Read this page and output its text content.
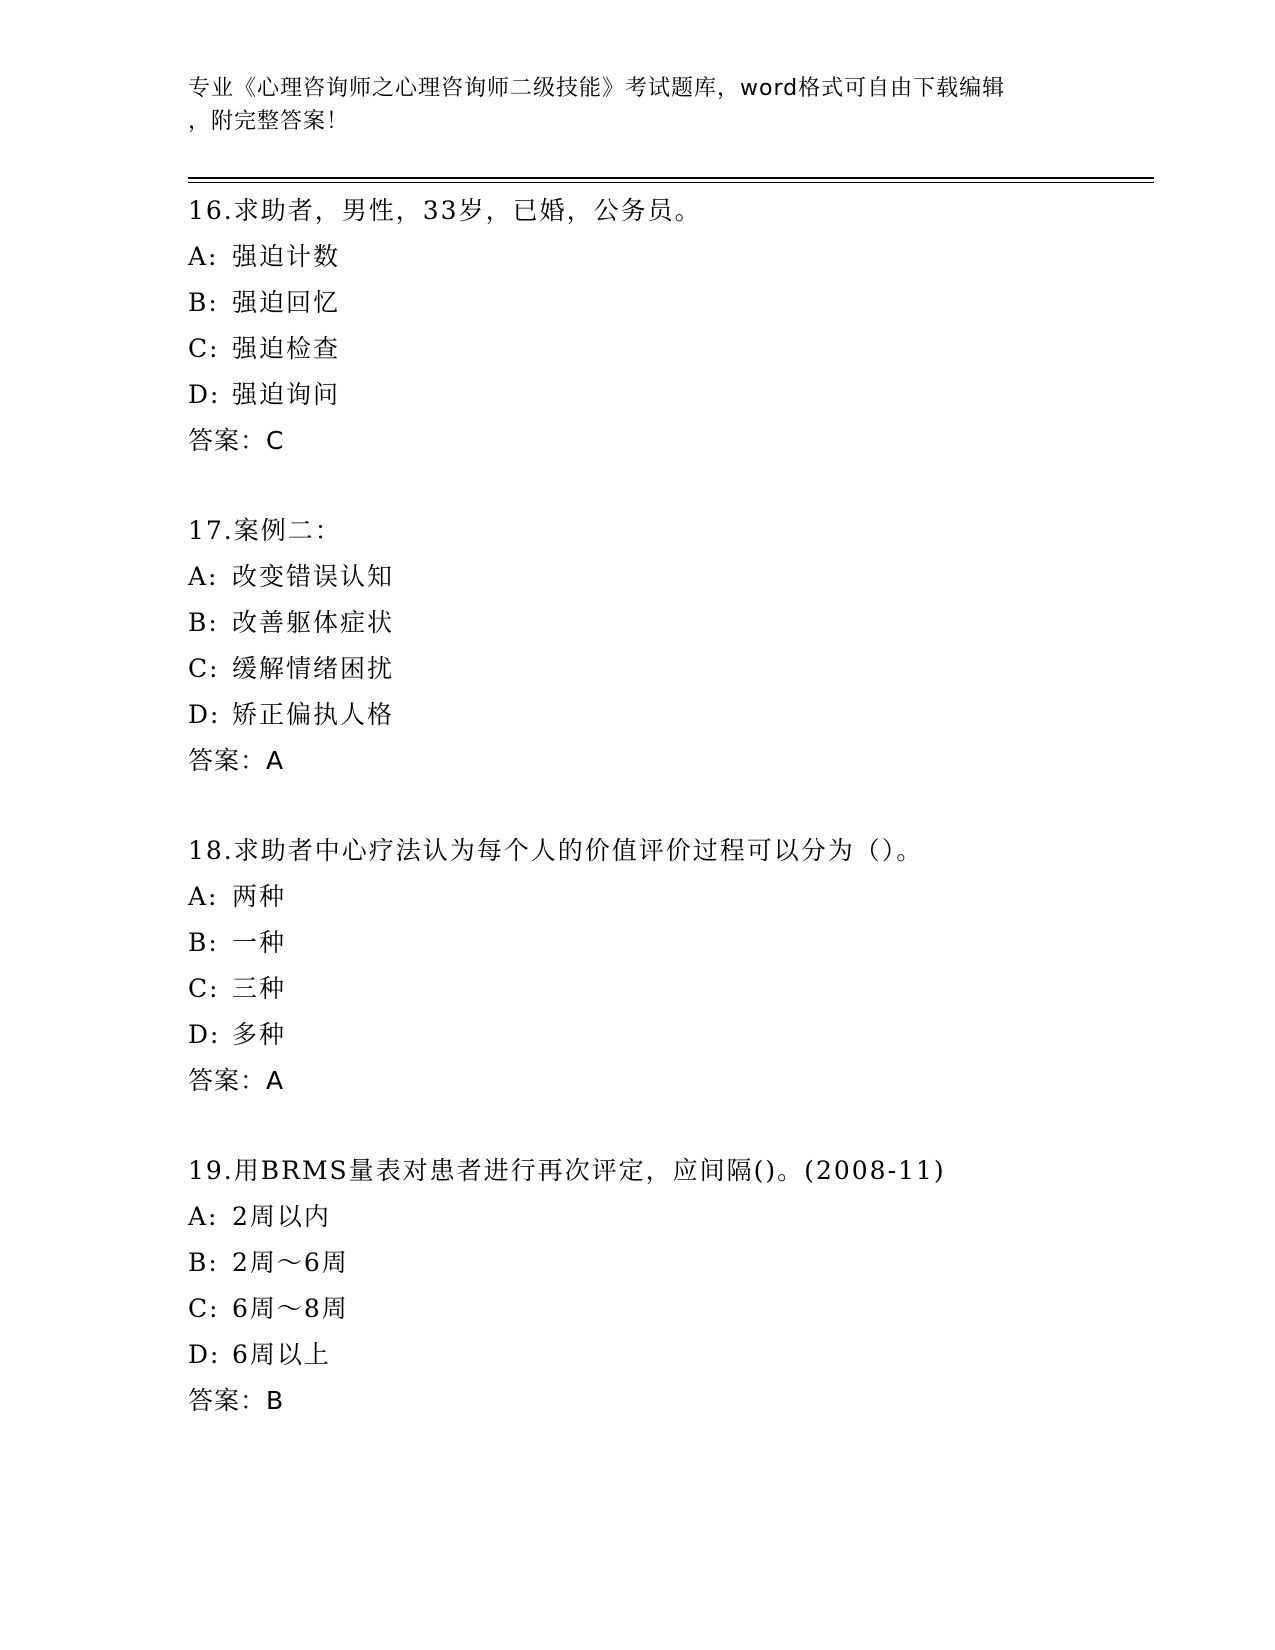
专业《心理咨询师之心理咨询师二级技能》考试题库，word格式可自由下载编辑
，附完整答案！
16.求助者，男性，33岁，已婚，公务员。
A: 强迫计数
B: 强迫回忆
C: 强迫检查
D: 强迫询问
答案：C
17.案例二：
A: 改变错误认知
B: 改善躯体症状
C: 缓解情绪困扰
D: 矫正偏执人格
答案：A
18.求助者中心疗法认为每个人的价值评价过程可以分为（）。
A: 两种
B: 一种
C: 三种
D: 多种
答案：A
19.用BRMS量表对患者进行再次评定，应间隔()。(2008-11)
A: 2周以内
B: 2周～6周
C: 6周～8周
D: 6周以上
答案：B
